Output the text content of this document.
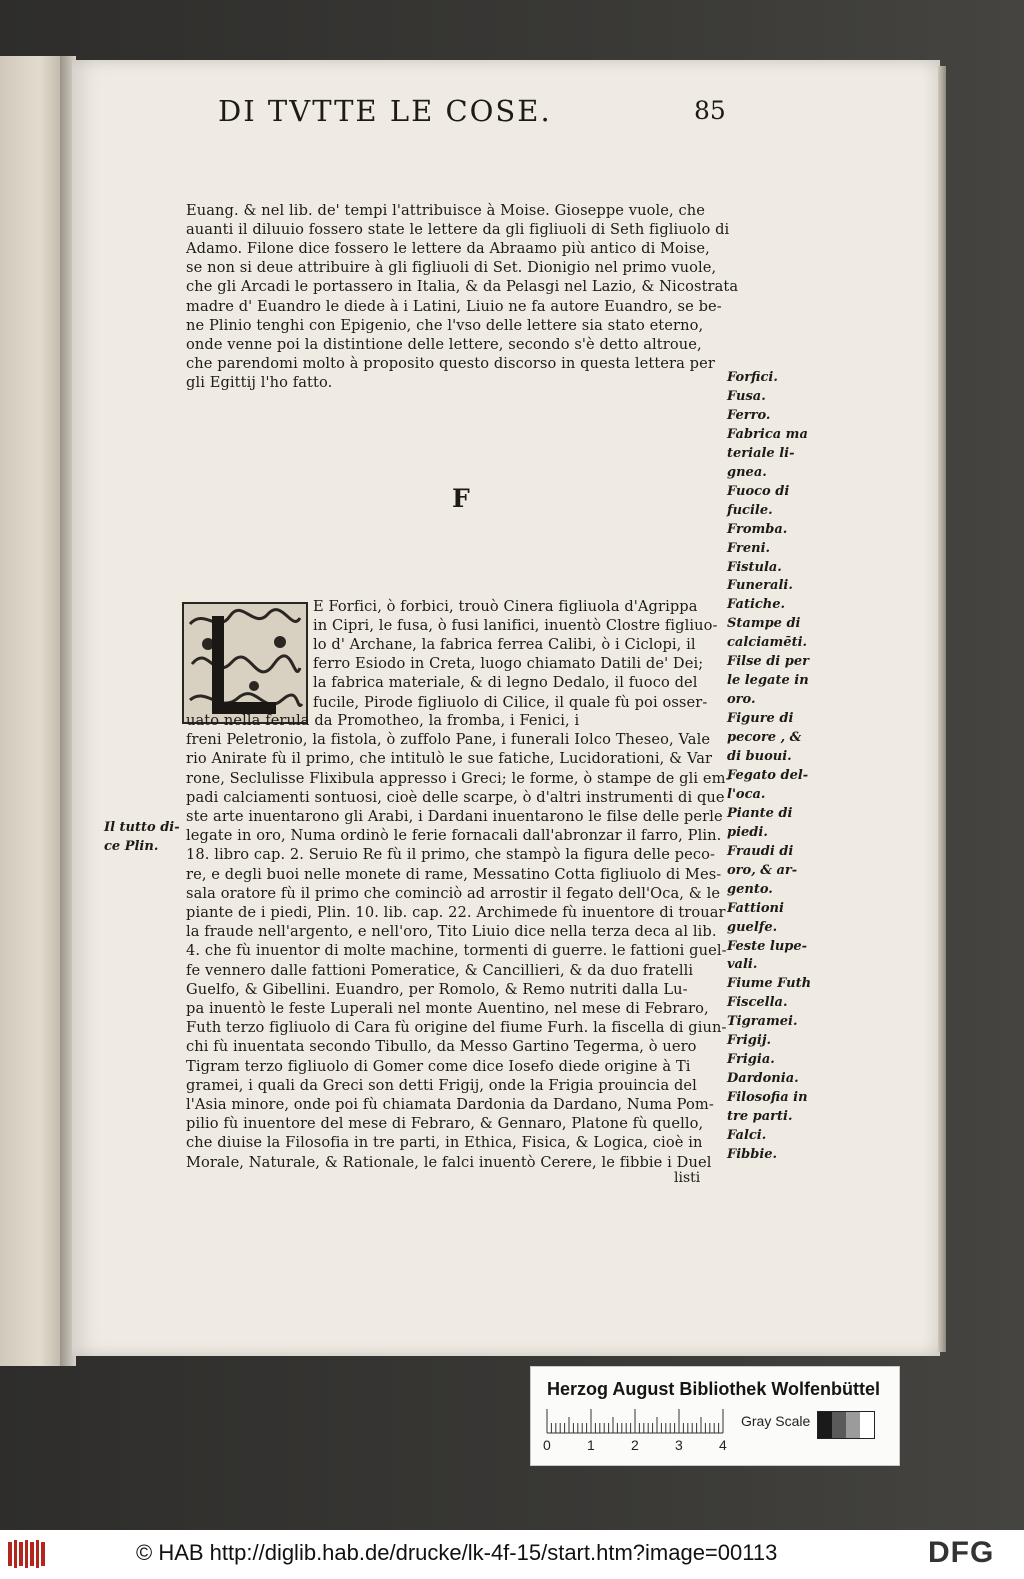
DI TVTTE LE COSE.	85
Euang. & nel lib. de' tempi l'attribuisce à Moise. Giosеppe vuole, che
auanti il diluuio fossero state le lettere da gli figliuoli di Seth figliuolo di
Adamo. Filone dice fossero le lettere da Abraamo più antico di Moise,
se non si deue attribuire à gli figliuoli di Set. Dionigio nel primo vuole,
che gli Arcadi le portassero in Italia, & da Pelasgi nel Lazio, & Nicostrata
madre d' Euandro le diede à i Latini, Liuio ne fa autore Euandro, se be-
ne Plinio tenghi con Epigenio, che l'vso delle lettere sia stato eterno,
onde venne poi la distintione delle lettere, secondo s'è detto altroue,
che parendomi molto à proposito questo discorso in questa lettera per
gli Egittij l'ho fatto.
F
E Forfici, ò forbici, trouò Cinera figliuola d'Agrippa
in Cipri, le fusa, ò fusi lanifici, inuentò Clostre figliuo-
lo d' Archane, la fabrica ferrea Calibi, ò i Ciclopi, il
ferro Esiodo in Creta, luogo chiamato Datili de' Dei;
la fabrica materiale, & di legno Dedalo, il fuoco del
fucile, Pirode figliuolo di Cilice, il quale fù poi osser-
uato nella ferula da Promotheo, la fromba, i Fenici, i
freni Peletronio, la fistola, ò zuffolo Pane, i funerali Iolco Theseo, Vale
rio Anirate fù il primo, che intitulò le sue fatiche, Lucidorationi, & Var
rone, Seclulisse Flixibula appresso i Greci; le forme, ò stampe de gli em-
padi calciamenti sontuosi, cioè delle scarpe, ò d'altri instrumenti di que
ste arte inuentarono gli Arabi, i Dardani inuentarono le filse delle perle
legate in oro, Numa ordinò le ferie fornacali dall'abronzar il farro, Plin.
18. libro cap. 2. Seruio Re fù il primo, che stampò la figura delle peco-
re, e degli buoi nelle monete di rame, Messatino Cotta figliuolo di Mes-
sala oratore fù il primo che cominciò ad arrostir il fegato dell'Oca, & le
piante de i piedi, Plin. 10. lib. cap. 22. Archimede fù inuentore di trouar
la fraude nell'argento, e nell'oro, Tito Liuio dice nella terza deca al lib.
4. che fù inuentor di molte machine, tormenti di guerre. le fattioni guel-
fe vennero dalle fattioni Pomeratice, & Cancillieri, & da duo fratelli
Guelfo, & Gibellini. Euandro, per Romolo, & Remo nutriti dalla Lu-
pa inuentò le feste Luperali nel monte Auentino, nel mese di Febraro,
Futh terzo figliuolo di Cara fù origine del fiume Furh. la fiscella di giun-
chi fù inuentata secondo Tibullo, da Messo Gartino Tegerma, ò uero
Tigram terzo figliuolo di Gomer come dice Iosefo diede origine à Ti
gramei, i quali da Greci son detti Frigij, onde la Frigia prouincia del
l'Asia minore, onde poi fù chiamata Dardonia da Dardano, Numa Pom-
pilio fù inuentore del mese di Febraro, & Gennaro, Platone fù quello,
che diuise la Filosofia in tre parti, in Ethica, Fisica, & Logica, cioè in
Morale, Naturale, & Rationale, le falci inuentò Cerere, le fibbie i Duel
Il tutto di-
ce Plin.
Forfici.
Fusa.
Ferro.
Fabrica ma
teriale li-
gnea.
Fuoco di
fucile.
Fromba.
Freni.
Fistula.
Funerali.
Fatiche.
Stampe di
calciamēti.
Filse di per
le legate in
oro.
Figure di
pecore , &
di buoui.
Fegato del-
l'oca.
Piante di
piedi.
Fraudi di
oro, & ar-
gento.
Fattioni
guelfe.
Feste lupe-
vali.
Fiume Futh
Fiscella.
Tigramei.
Frigij.
Frigia.
Dardonia.
Filosofia in
tre parti.
Falci.
Fibbie.
listi
Herzog August Bibliothek Wolfenbüttel
Gray Scale
0	1	2	3	4
© HAB http://diglib.hab.de/drucke/lk-4f-15/start.htm?image=00113	DFG
